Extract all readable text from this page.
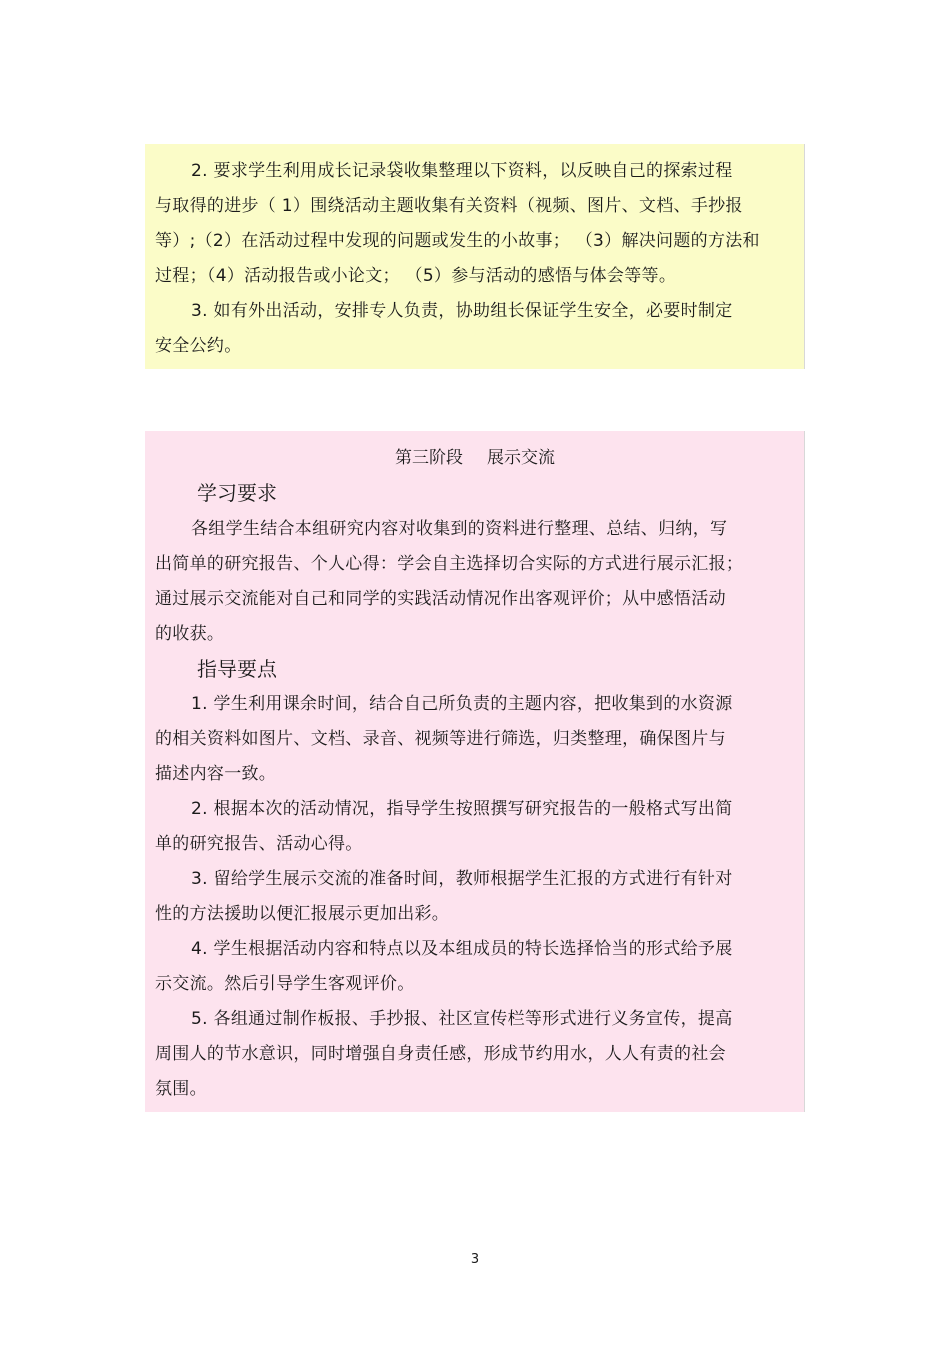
2. 要求学生利用成长记录袋收集整理以下资料，以反映自己的探索过程
与取得的进步（ 1）围绕活动主题收集有关资料（视频、图片、文档、手抄报
等）;（2）在活动过程中发现的问题或发生的小故事； （3）解决问题的方法和
过程；（4）活动报告或小论文； （5）参与活动的感悟与体会等等。
3. 如有外出活动，安排专人负责，协助组长保证学生安全，必要时制定
安全公约。
第三阶段 展示交流
学习要求
各组学生结合本组研究内容对收集到的资料进行整理、总结、归纳，写
出简单的研究报告、个人心得：学会自主选择切合实际的方式进行展示汇报；
通过展示交流能对自己和同学的实践活动情况作出客观评价；从中感悟活动
的收获。
指导要点
1. 学生利用课余时间，结合自己所负责的主题内容，把收集到的水资源
的相关资料如图片、文档、录音、视频等进行筛选，归类整理，确保图片与
描述内容一致。
2. 根据本次的活动情况，指导学生按照撰写研究报告的一般格式写出简
单的研究报告、活动心得。
3. 留给学生展示交流的准备时间，教师根据学生汇报的方式进行有针对
性的方法援助以便汇报展示更加出彩。
4. 学生根据活动内容和特点以及本组成员的特长选择恰当的形式给予展
示交流。然后引导学生客观评价。
5. 各组通过制作板报、手抄报、社区宣传栏等形式进行义务宣传，提高
周围人的节水意识，同时增强自身责任感，形成节约用水，人人有责的社会
氛围。
3
